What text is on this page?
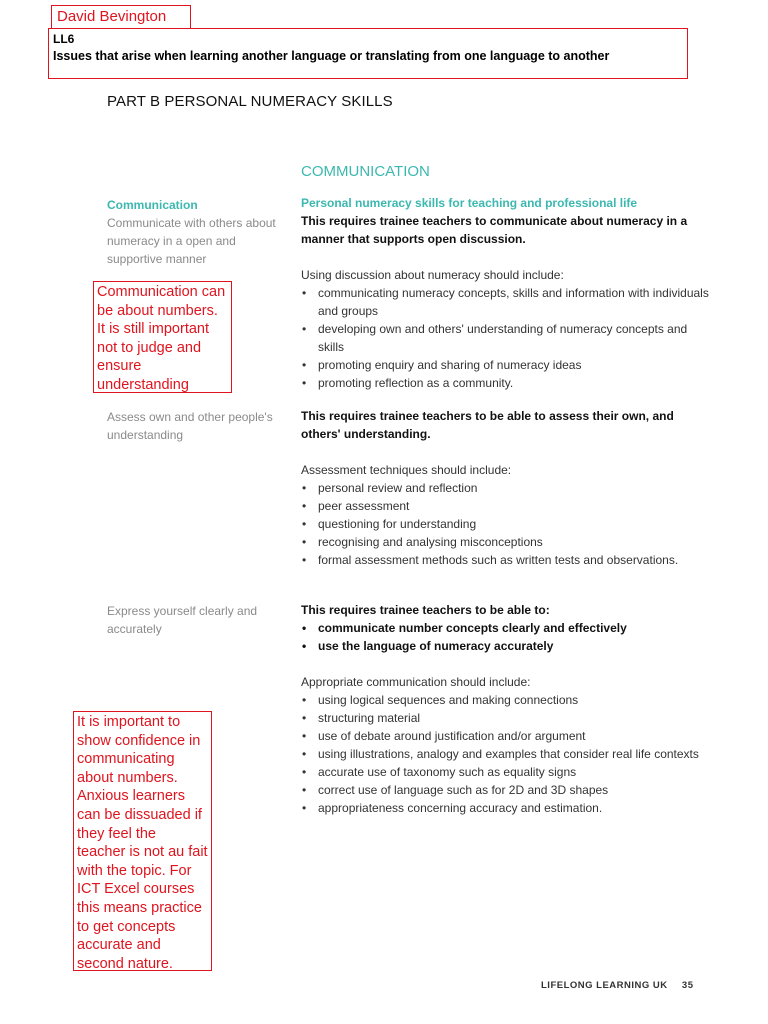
David Bevington
LL6
Issues that arise when learning another language or translating from one language to another
PART B PERSONAL NUMERACY SKILLS
COMMUNICATION
Communication
Communicate with others about numeracy in a open and supportive manner
Assess own and other people's understanding
Express yourself clearly and accurately
Personal numeracy skills for teaching and professional life
This requires trainee teachers to communicate about numeracy in a manner that supports open discussion.
Using discussion about numeracy should include:
• communicating numeracy concepts, skills and information with individuals and groups
• developing own and others' understanding of numeracy concepts and skills
• promoting enquiry and sharing of numeracy ideas
• promoting reflection as a community.
This requires trainee teachers to be able to assess their own, and others' understanding.
Assessment techniques should include:
• personal review and reflection
• peer assessment
• questioning for understanding
• recognising and analysing misconceptions
• formal assessment methods such as written tests and observations.
This requires trainee teachers to be able to:
• communicate number concepts clearly and effectively
• use the language of numeracy accurately
Appropriate communication should include:
• using logical sequences and making connections
• structuring material
• use of debate around justification and/or argument
• using illustrations, analogy and examples that consider real life contexts
• accurate use of taxonomy such as equality signs
• correct use of language such as for 2D and 3D shapes
• appropriateness concerning accuracy and estimation.
Communication can be about numbers. It is still important not to judge and ensure understanding
It is important to show confidence in communicating about numbers. Anxious learners can be dissuaded if they feel the teacher is not au fait with the topic. For ICT Excel courses this means practice to get concepts accurate and second nature.
LIFELONG LEARNING UK 35
